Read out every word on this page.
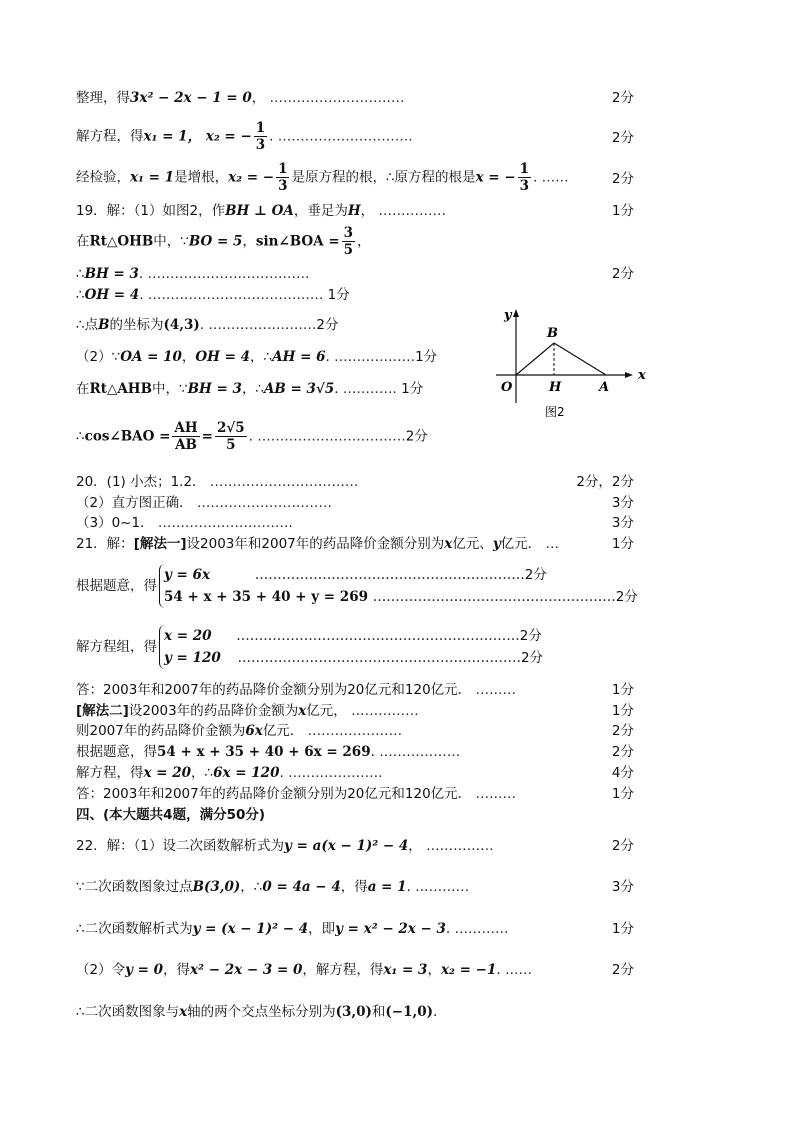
整理，得3x² − 2x − 1 = 0， …………………………	2分
解方程，得x₁ = 1， x₂ = − $\frac{1}{3}$ . …………………………	2分
经检验，x₁ = 1是增根，x₂ = − $\frac{1}{3}$ 是原方程的根，∴原方程的根是x = − $\frac{1}{3}$ . ……	2分
19．解：（1）如图2，作BH ⊥ OA，垂足为H， ……………	1分
在Rt△OHB中，∵BO = 5，sin∠BOA = $\frac{3}{5}$ ，
∴BH = 3. ………………………………	2分
∴OH = 4. ………………………………… 1分
∴点B的坐标为(4,3). ……………………2分
（2）∵OA = 10，OH = 4，∴AH = 6. ………………1分
在Rt△AHB中，∵BH = 3，∴AB = 3√5. ………… 1分
∴cos∠BAO = $\frac{AH}{AB} = \frac{2√5}{5}$ . ……………………………2分
y
x
O
B
H	A
图2
20．(1) 小杰；1.2． ……………………………	2分，2分
（2）直方图正确． …………………………	3分
（3）0~1． …………………………	3分
21．解：[解法一]设2003年和2007年的药品降价金额分别为x亿元、y亿元． …	1分
根据题意，得
y = 6x	……………………………………………………2分
54 + x + 35 + 40 + y = 269 ………………………………………………2分
解方程组，得
x = 20 ………………………………………………………2分
y = 120 ………………………………………………………2分
答：2003年和2007年的药品降价金额分别为20亿元和120亿元． ………	1分
[解法二]设2003年的药品降价金额为x亿元， ……………	1分
则2007年的药品降价金额为6x亿元． …………………	2分
根据题意，得54 + x + 35 + 40 + 6x = 269. ………………	2分
解方程，得x = 20，∴6x = 120. …………………	4分
答：2003年和2007年的药品降价金额分别为20亿元和120亿元． ………	1分
四、(本大题共4题，满分50分)
22．解：（1）设二次函数解析式为y = a(x − 1)² − 4， ……………	2分
∵二次函数图象过点B(3,0)，∴0 = 4a − 4，得a = 1. …………	3分
∴二次函数解析式为y = (x − 1)² − 4，即y = x² − 2x − 3. …………	1分
（2）令y = 0，得x² − 2x − 3 = 0，解方程，得x₁ = 3，x₂ = −1. ……	2分
∴二次函数图象与x轴的两个交点坐标分别为(3,0)和(−1,0).
